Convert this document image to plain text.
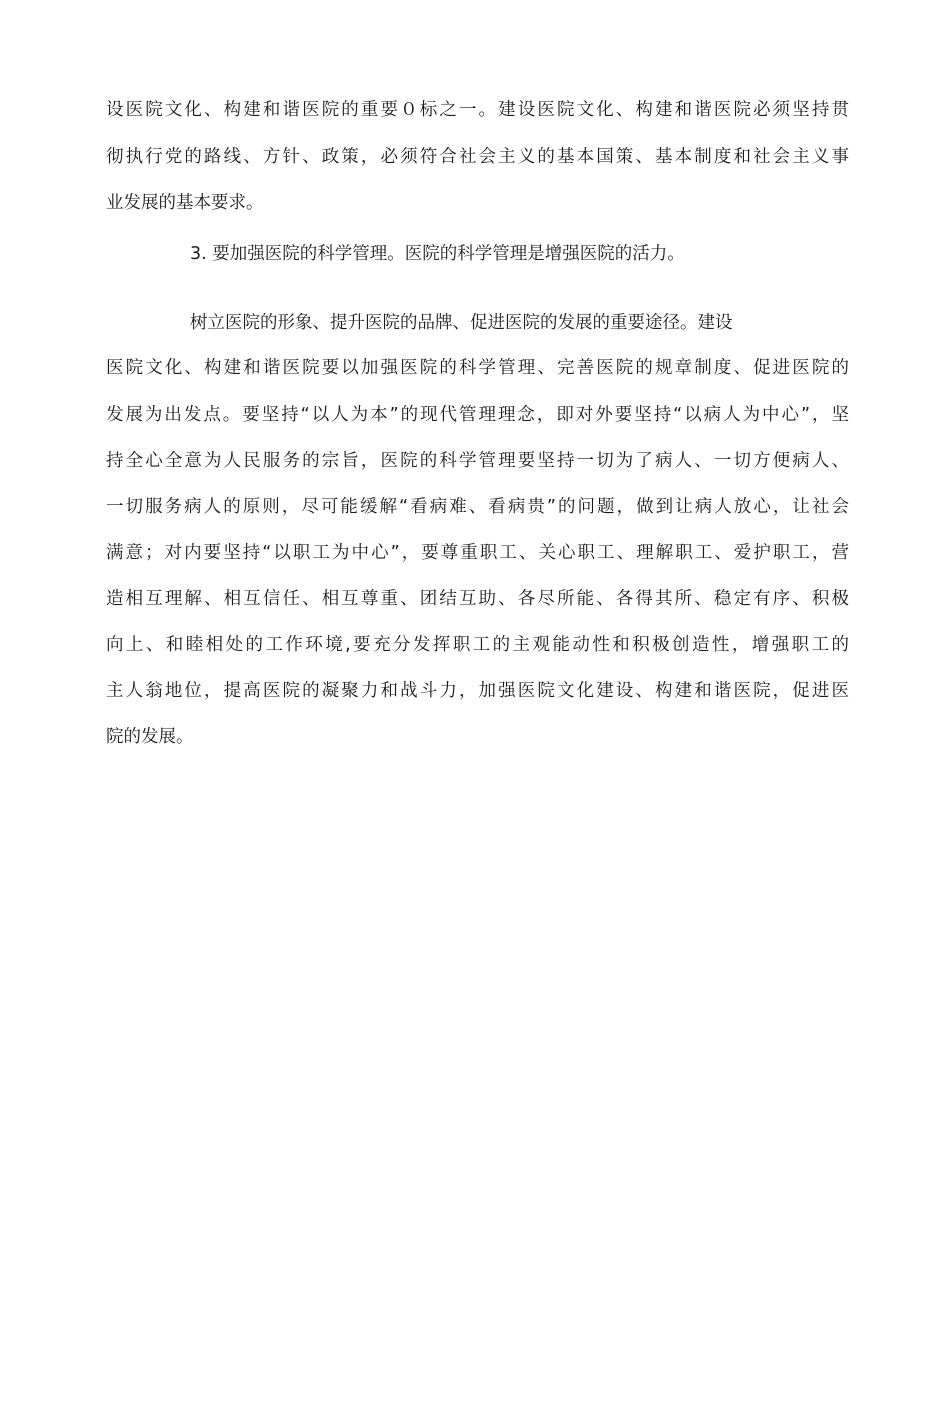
设医院文化、构建和谐医院的重要０标之一。建设医院文化、构建和谐医院必须坚持贯
彻执行党的路线、方针、政策，必须符合社会主义的基本国策、基本制度和社会主义事
业发展的基本要求。
3. 要加强医院的科学管理。医院的科学管理是增强医院的活力。
树立医院的形象、提升医院的品牌、促进医院的发展的重要途径。建设
医院文化、构建和谐医院要以加强医院的科学管理、完善医院的规章制度、促进医院的
发展为出发点。要坚持“以人为本”的现代管理理念，即对外要坚持“以病人为中心”，坚
持全心全意为人民服务的宗旨，医院的科学管理要坚持一切为了病人、一切方便病人、
一切服务病人的原则，尽可能缓解“看病难、看病贵”的问题，做到让病人放心，让社会
满意；对内要坚持“以职工为中心”，要尊重职工、关心职工、理解职工、爱护职工，营
造相互理解、相互信任、相互尊重、团结互助、各尽所能、各得其所、稳定有序、积极
向上、和睦相处的工作环境,要充分发挥职工的主观能动性和积极创造性，增强职工的
主人翁地位，提高医院的凝聚力和战斗力，加强医院文化建设、构建和谐医院，促进医
院的发展。
